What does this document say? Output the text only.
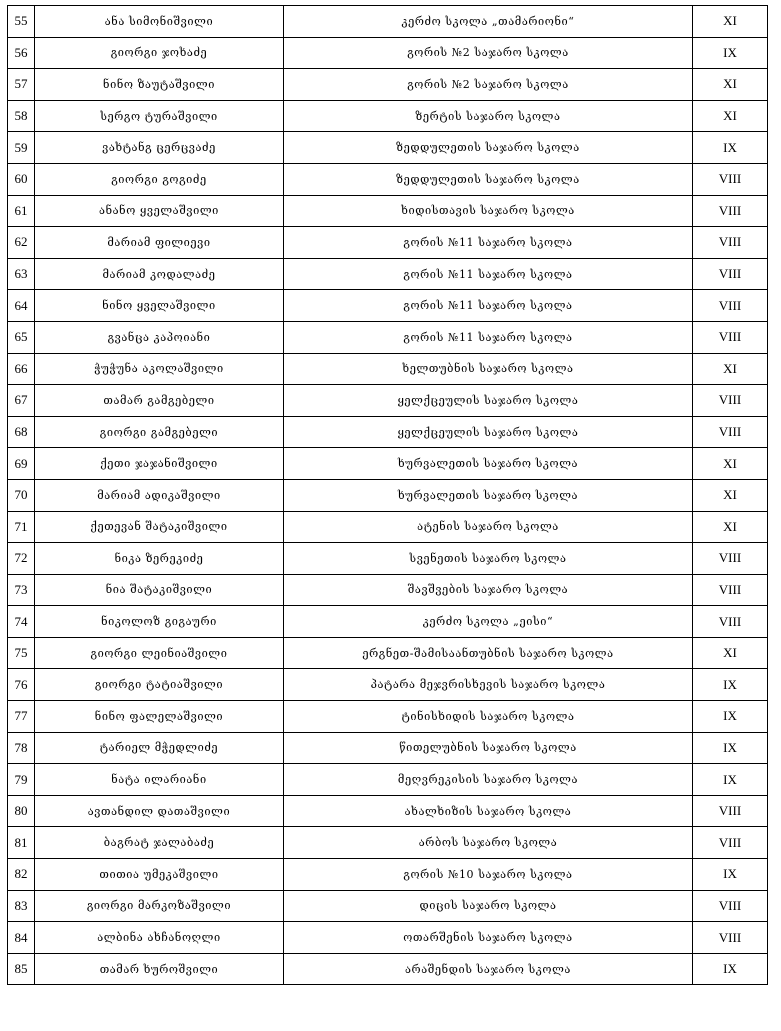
55	ანა სიმონიშვილი	კერძო სკოლა „თამარიონი“	XI
56	გიორგი ჯოხაძე	გორის №2 საჯარო სკოლა	IX
57	ნინო ზაუტაშვილი	გორის №2 საჯარო სკოლა	XI
58	სერგო ტურაშვილი	ზერტის საჯარო სკოლა	XI
59	ვახტანგ ცერცვაძე	ზედდულეთის საჯარო სკოლა	IX
60	გიორგი გოგიძე	ზედდულეთის საჯარო სკოლა	VIII
61	ანანო ყველაშვილი	ხიდისთავის საჯარო სკოლა	VIII
62	მარიამ ფილიევი	გორის №11 საჯარო სკოლა	VIII
63	მარიამ კოდალაძე	გორის №11 საჯარო სკოლა	VIII
64	ნინო ყველაშვილი	გორის №11 საჯარო სკოლა	VIII
65	გვანცა კაპოიანი	გორის №11 საჯარო სკოლა	VIII
66	ჭუჭუნა აკოლაშვილი	ხელთუბნის საჯარო სკოლა	XI
67	თამარ გამგებელი	ყელქცეულის საჯარო სკოლა	VIII
68	გიორგი გამგებელი	ყელქცეულის საჯარო სკოლა	VIII
69	ქეთი ჯაჯანიშვილი	ხურვალეთის საჯარო სკოლა	XI
70	მარიამ ადიკაშვილი	ხურვალეთის საჯარო სკოლა	XI
71	ქეთევან შატაკიშვილი	ატენის საჯარო სკოლა	XI
72	ნიკა ზერეკიძე	სვენეთის საჯარო სკოლა	VIII
73	ნია შატაკიშვილი	შავშვების საჯარო სკოლა	VIII
74	ნიკოლოზ გიგაური	კერძო სკოლა „ეისი“	VIII
75	გიორგი ლეინიაშვილი	ერგნეთ-შამისაანთუბნის საჯარო სკოლა	XI
76	გიორგი ტატიაშვილი	პატარა მეჯვრისხევის საჯარო სკოლა	IX
77	ნინო ფალელაშვილი	ტინისხიდის საჯარო სკოლა	IX
78	ტარიელ მჭედლიძე	წითელუბნის საჯარო სკოლა	IX
79	ნატა ილარიანი	მეღვრეკისის საჯარო სკოლა	IX
80	ავთანდილ დათაშვილი	ახალხიზის საჯარო სკოლა	VIII
81	ბაგრატ ჯალაბაძე	არბოს საჯარო სკოლა	VIII
82	თითია უმეკაშვილი	გორის №10 საჯარო სკოლა	IX
83	გიორგი მარკოზაშვილი	დიცის საჯარო სკოლა	VIII
84	ალბინა ახჩანოღლი	ოთარშენის საჯარო სკოლა	VIII
85	თამარ ხუროშვილი	არაშენდის საჯარო სკოლა	IX
